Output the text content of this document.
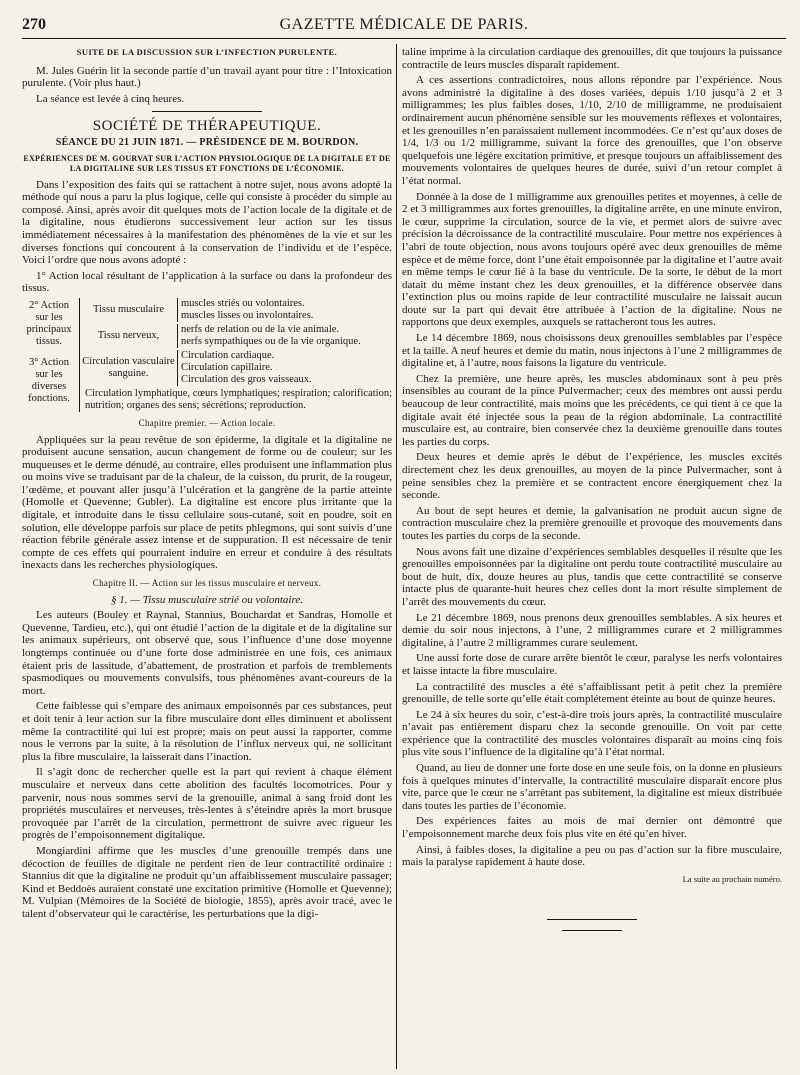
270	GAZETTE MÉDICALE DE PARIS.

SUITE DE LA DISCUSSION SUR L’INFECTION PURULENTE.

M. Jules Guérin lit la seconde partie d’un travail ayant pour titre : l’Intoxication purulente. (Voir plus haut.)

La séance est levée à cinq heures.

SOCIÉTÉ DE THÉRAPEUTIQUE.

SÉANCE DU 21 JUIN 1871. — PRÉSIDENCE DE M. BOURDON.

EXPÉRIENCES DE M. GOURVAT SUR L’ACTION PHYSIOLOGIQUE DE LA DIGITALE ET DE LA DIGITALINE SUR LES TISSUS ET FONCTIONS DE L’ÉCONOMIE.

Dans l’exposition des faits qui se rattachent à notre sujet, nous avons adopté la méthode qui nous a paru la plus logique, celle qui consiste à procéder du simple au composé. Ainsi, après avoir dit quelques mots de l’action locale de la digitale et de la digitaline, nous étudierons successivement leur action sur les tissus immédiatement nécessaires à la manifestation des phénomènes de la vie et sur les diverses fonctions qui concourent à la conservation de l’individu et de l’espèce. Voici l’ordre que nous avons adopté :

1° Action local résultant de l’application à la surface ou dans la profondeur des tissus.

2° Action sur les principaux tissus.
Tissu musculaire
muscles striés ou volontaires.
muscles lisses ou involontaires.
Tissu nerveux,
nerfs de relation ou de la vie animale.
nerfs sympathiques ou de la vie organique.
3° Action sur les diverses fonctions.
Circulation vasculaire sanguine.
Circulation cardiaque.
Circulation capillaire.
Circulation des gros vaisseaux.
Circulation lymphatique, cœurs lymphatiques; respiration; calorification; nutrition; organes des sens; sécrétions; reproduction.

Chapitre premier. — Action locale.

Appliquées sur la peau revêtue de son épiderme, la digitale et la digitaline ne produisent aucune sensation, aucun changement de forme ou de couleur; sur les muqueuses et le derme dénudé, au contraire, elles produisent une inflammation plus ou moins vive se traduisant par de la chaleur, de la cuisson, du prurit, de la rougeur, l’œdème, et pouvant aller jusqu’à l’ulcération et la gangrène de la partie atteinte (Homolle et Quevenne; Gubler). La digitaline est encore plus irritante que la digitale, et introduite dans le tissu cellulaire sous-cutané, soit en poudre, soit en solution, elle développe parfois sur place de petits phlegmons, qui sont suivis d’une réaction fébrile générale assez intense et de suppuration. Il est nécessaire de tenir compte de ces effets qui pourraient induire en erreur et conduire à des résultats inexacts dans les recherches physiologiques.

Chapitre II. — Action sur les tissus musculaire et nerveux.

§ 1. — Tissu musculaire strié ou volontaire.

Les auteurs (Bouley et Raynal, Stannius, Bouchardat et Sandras, Homolle et Quevenne, Tardieu, etc.), qui ont étudié l’action de la digitale et de la digitaline sur les animaux supérieurs, ont observé que, sous l’influence d’une dose moyenne longtemps continuée ou d’une forte dose administrée en une fois, ces animaux étaient pris de lassitude, d’abattement, de prostration et parfois de tremblements spasmodiques ou mouvements convulsifs, tous phénomènes avant-coureurs de la mort.

Cette faiblesse qui s’empare des animaux empoisonnés par ces substances, peut et doit tenir à leur action sur la fibre musculaire dont elles diminuent et abolissent même la contractilité qui lui est propre; mais on peut aussi la rapporter, comme nous le verrons par la suite, à la résolution de l’influx nerveux qui, ne sollicitant plus la fibre musculaire, la laisserait dans l’inaction.

Il s’agit donc de rechercher quelle est la part qui revient à chaque élément musculaire et nerveux dans cette abolition des facultés locomotrices. Pour y parvenir, nous nous sommes servi de la grenouille, animal à sang froid dont les propriétés musculaires et nerveuses, très-lentes à s’éteindre après la mort brusque provoquée par l’arrêt de la circulation, permettront de suivre avec rigueur les progrès de l’empoisonnement digitalique.

Mongiardini affirme que les muscles d’une grenouille trempés dans une décoction de feuilles de digitale ne perdent rien de leur contractilité ordinaire : Stannius dit que la digitaline ne produit qu’un affaiblissement musculaire passager; Kind et Beddoès auraient constaté une excitation primitive (Homolle et Quevenne); M. Vulpian (Mémoires de la Société de biologie, 1855), après avoir tracé, avec le talent d’observateur qui le caractérise, les perturbations que la digi-

taline imprime à la circulation cardiaque des grenouilles, dit que toujours la puissance contractile de leurs muscles disparaît rapidement.

A ces assertions contradictoires, nous allons répondre par l’expérience. Nous avons administré la digitaline à des doses variées, depuis 1/10 jusqu’à 2 et 3 milligrammes; les plus faibles doses, 1/10, 2/10 de milligramme, ne produisaient ordinairement aucun phénomène sensible sur les mouvements réflexes et volontaires, et les grenouilles n’en paraissaient nullement incommodées. Ce n’est qu’aux doses de 1/4, 1/3 ou 1/2 milligramme, suivant la force des grenouilles, que l’on observe quelquefois une légère excitation primitive, et presque toujours un affaiblissement des mouvements volontaires de quelques heures de durée, suivi d’un retour complet à l’état normal.

Donnée à la dose de 1 milligramme aux grenouilles petites et moyennes, à celle de 2 et 3 milligrammes aux fortes grenouilles, la digitaline arrête, en une minute environ, le cœur, supprime la circulation, source de la vie, et permet alors de suivre avec précision la décroissance de la contractilité musculaire. Pour mettre nos expériences à l’abri de toute objection, nous avons toujours opéré avec deux grenouilles de même espèce et de même force, dont l’une était empoisonnée par la digitaline et l’autre avait en même temps le cœur lié à la base du ventricule. De la sorte, le début de la mort datait du même instant chez les deux grenouilles, et la différence observée dans l’extinction plus ou moins rapide de leur contractilité musculaire ne laissait aucun doute sur la part qui devait être attribuée à l’action de la digitaline. Nous ne rapportons que deux exemples, auxquels se rattacheront tous les autres.

Le 14 décembre 1869, nous choisissons deux grenouilles semblables par l’espèce et la taille. A neuf heures et demie du matin, nous injectons à l’une 2 milligrammes de digitaline et, à l’autre, nous faisons la ligature du ventricule.

Chez la première, une heure après, les muscles abdominaux sont à peu près insensibles au courant de la pince Pulvermacher; ceux des membres ont aussi perdu beaucoup de leur contractilité, mais moins que les précédents, ce qui tient à ce que la digitale avait été injectée sous la peau de la région abdominale. La contractilité musculaire est, au contraire, bien conservée chez la deuxième grenouille dans toutes les parties du corps.

Deux heures et demie après le début de l’expérience, les muscles excités directement chez les deux grenouilles, au moyen de la pince Pulvermacher, sont à peine sensibles chez la première et se contractent encore énergiquement chez la seconde.

Au bout de sept heures et demie, la galvanisation ne produit aucun signe de contraction musculaire chez la première grenouille et provoque des mouvements dans toutes les parties du corps de la seconde.

Nous avons fait une dizaine d’expériences semblables desquelles il résulte que les grenouilles empoisonnées par la digitaline ont perdu toute contractilité musculaire au bout de huit, dix, douze heures au plus, tandis que cette contractilité se conserve intacte plus de quarante-huit heures chez celles dont la mort résulte simplement de l’arrêt des mouvements du cœur.

Le 21 décembre 1869, nous prenons deux grenouilles semblables. A six heures et demie du soir nous injectons, à l’une, 2 milligrammes curare et 2 milligrammes digitaline, à l’autre 2 milligrammes curare seulement.

Une aussi forte dose de curare arrête bientôt le cœur, paralyse les nerfs volontaires et laisse intacte la fibre musculaire.

La contractilité des muscles a été s’affaiblissant petit à petit chez la première grenouille, de telle sorte qu’elle était complétement éteinte au bout de quinze heures.

Le 24 à six heures du soir, c’est-à-dire trois jours après, la contractilité musculaire n’avait pas entièrement disparu chez la seconde grenouille. On voit par cette expérience que la contractilité des muscles volontaires disparaît au moins cinq fois plus vite sous l’influence de la digitaline qu’à l’état normal.

Quand, au lieu de donner une forte dose en une seule fois, on la donne en plusieurs fois à quelques minutes d’intervalle, la contractilité musculaire disparaît encore plus vite, parce que le cœur ne s’arrêtant pas subitement, la digitaline est mieux distribuée dans toutes les parties de l’économie.

Des expériences faites au mois de mai dernier ont démontré que l’empoisonnement marche deux fois plus vite en été qu’en hiver.

Ainsi, à faibles doses, la digitaline a peu ou pas d’action sur la fibre musculaire, mais la paralyse rapidement à haute dose.

La suite au prochain numéro.
